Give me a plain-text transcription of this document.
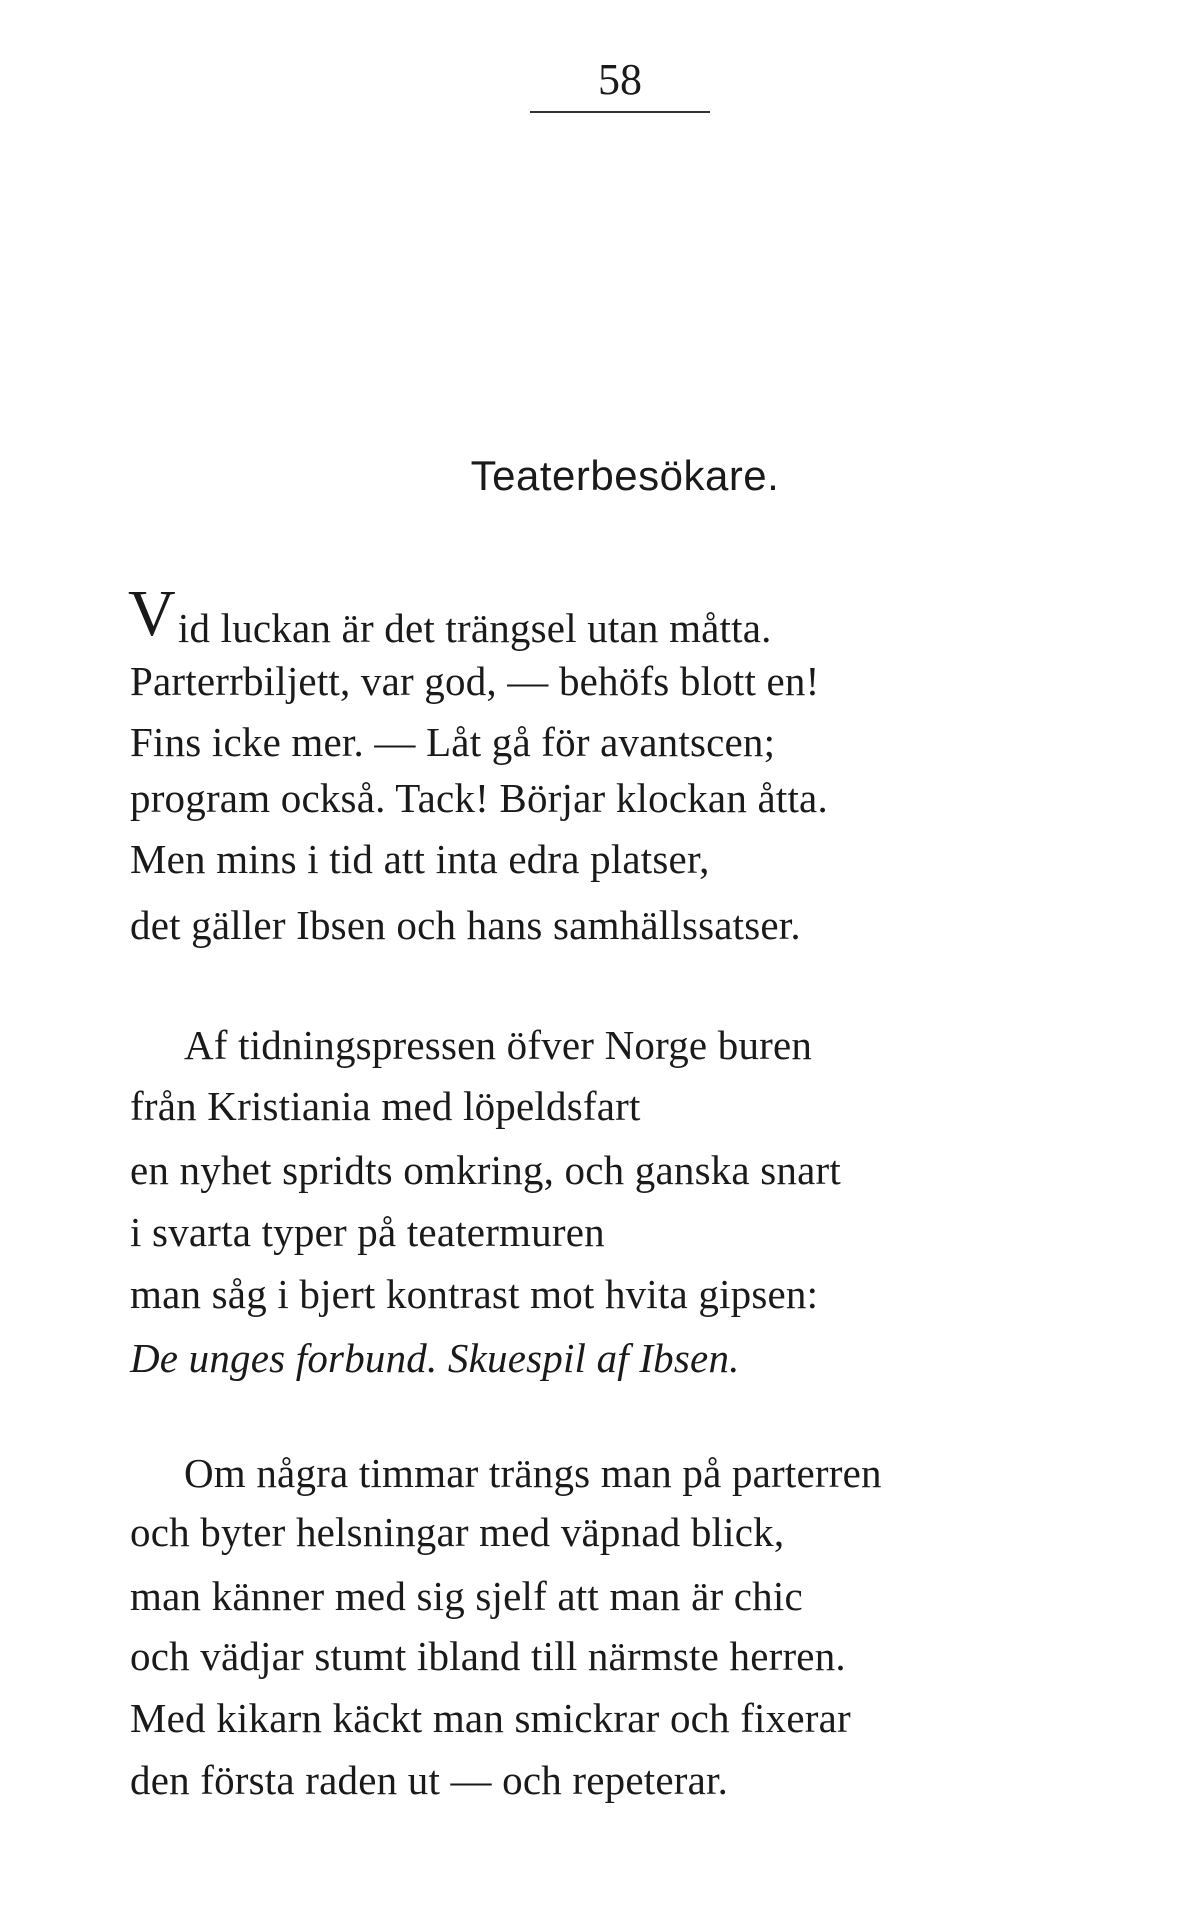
58
Teaterbesökare.
Vid luckan är det trängsel utan måtta.
Parterrbiljett, var god, — behöfs blott en!
Fins icke mer. — Låt gå för avantscen;
program också. Tack! Börjar klockan åtta.
Men mins i tid att inta edra platser,
det gäller Ibsen och hans samhällssatser.
Af tidningspressen öfver Norge buren
från Kristiania med löpeldsfart
en nyhet spridts omkring, och ganska snart
i svarta typer på teatermuren
man såg i bjert kontrast mot hvita gipsen:
De unges forbund. Skuespil af Ibsen.
Om några timmar trängs man på parterren
och byter helsningar med väpnad blick,
man känner med sig sjelf att man är chic
och vädjar stumt ibland till närmste herren.
Med kikarn käckt man smickrar och fixerar
den första raden ut — och repeterar.
